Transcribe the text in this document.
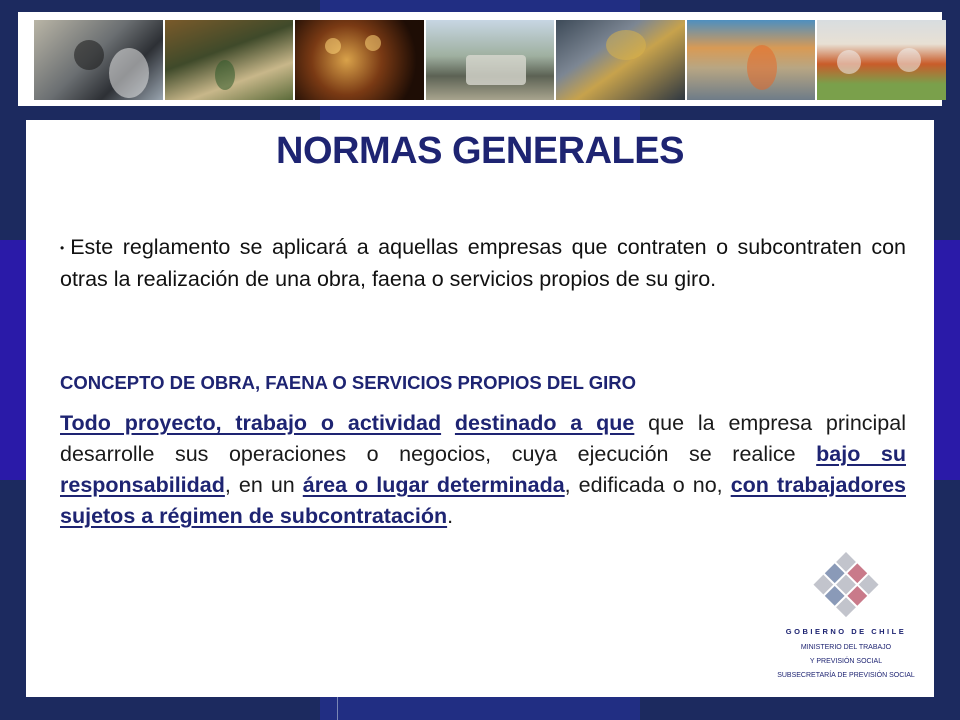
NORMAS GENERALES
• Este reglamento se aplicará a aquellas empresas que contraten o subcontraten con otras la realización de una obra, faena o servicios propios de su giro.
CONCEPTO DE OBRA, FAENA O SERVICIOS PROPIOS DEL GIRO
Todo proyecto, trabajo o actividad destinado a que que la empresa principal desarrolle sus operaciones o negocios, cuya ejecución se realice bajo su responsabilidad, en un área o lugar determinada, edificada o no, con trabajadores sujetos a régimen de subcontratación.
GOBIERNO DE CHILE
MINISTERIO DEL TRABAJO
Y PREVISIÓN SOCIAL
SUBSECRETARÍA DE PREVISIÓN SOCIAL
